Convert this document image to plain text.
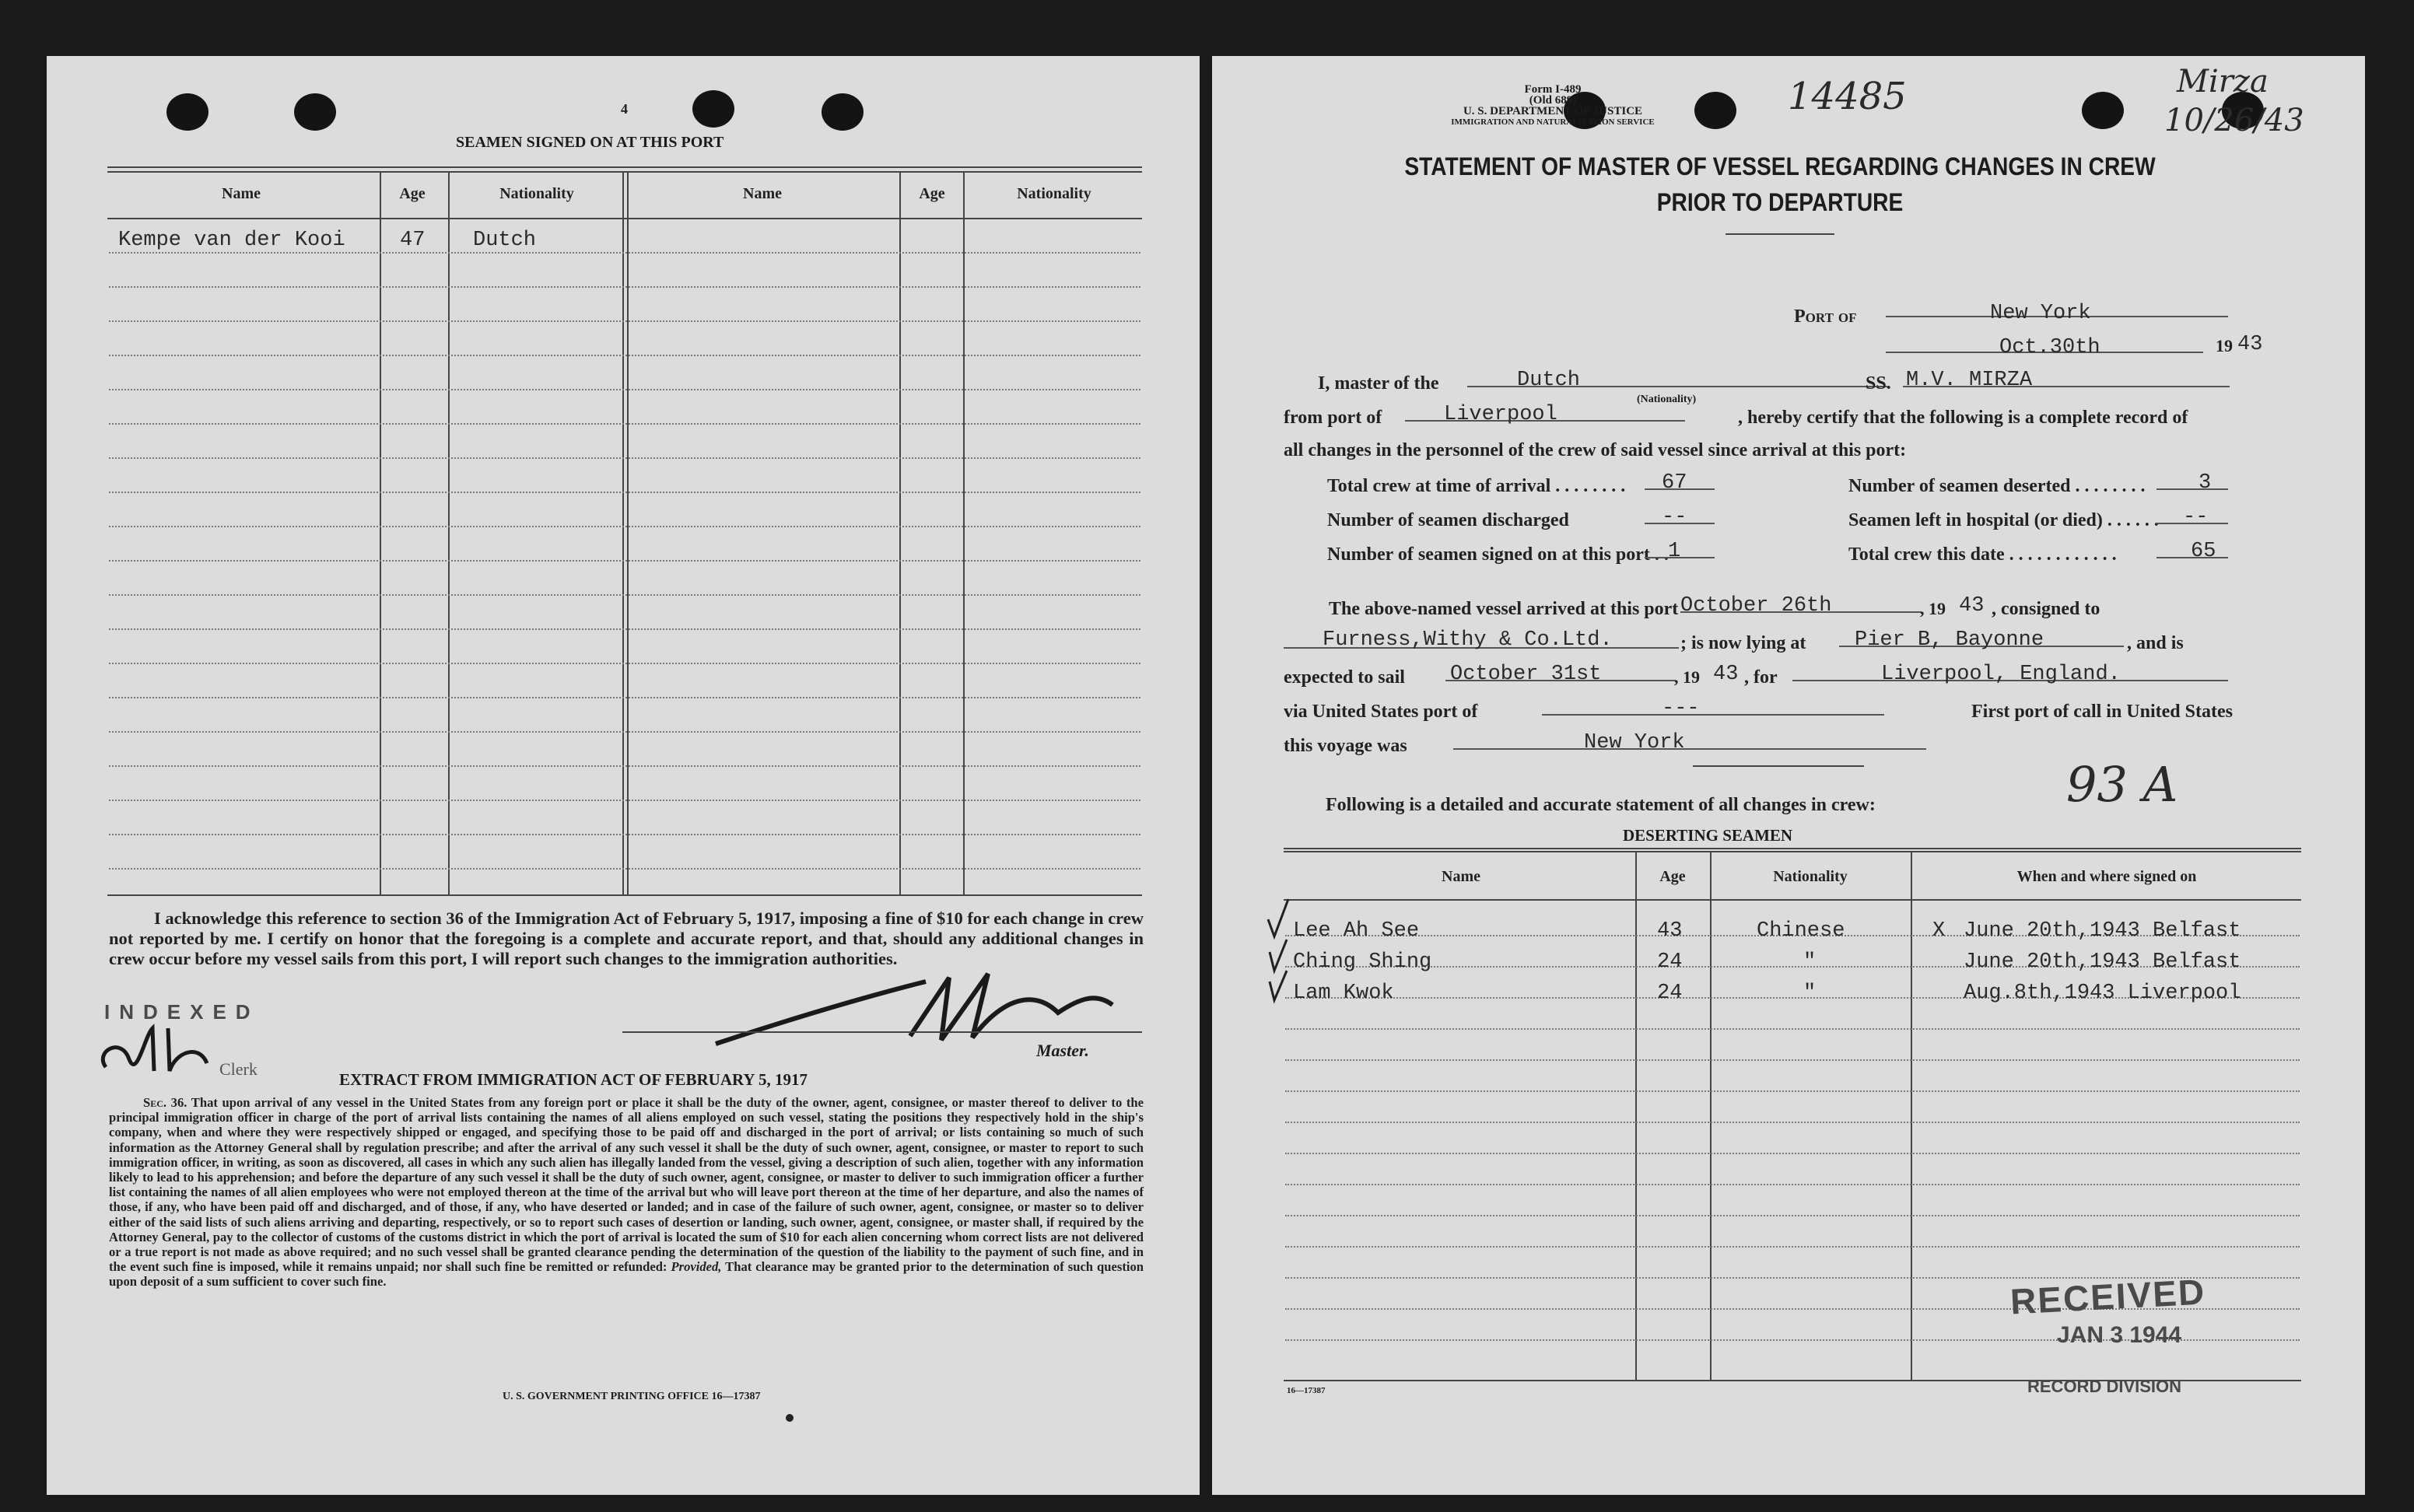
4
SEAMEN SIGNED ON AT THIS PORT
Name	Age	Nationality	Name	Age	Nationality
Kempe van der Kooi	47 Dutch
I acknowledge this reference to section 36 of the Immigration Act of February 5, 1917, imposing a fine of $10 for each change in crew not reported by me. I certify on honor that the foregoing is a complete and accurate report, and that, should any additional changes in crew occur before my vessel sails from this port, I will report such changes to the immigration authorities.
Master.
INDEXED
Clerk
EXTRACT FROM IMMIGRATION ACT OF FEBRUARY 5, 1917
Sec. 36. That upon arrival of any vessel in the United States from any foreign port or place it shall be the duty of the owner, agent, consignee, or master thereof to deliver to the principal immigration officer in charge of the port of arrival lists containing the names of all aliens employed on such vessel, stating the positions they respectively hold in the ship's company, when and where they were respectively shipped or engaged, and specifying those to be paid off and discharged in the port of arrival; or lists containing so much of such information as the Attorney General shall by regulation prescribe; and after the arrival of any such vessel it shall be the duty of such owner, agent, consignee, or master to report to such immigration officer, in writing, as soon as discovered, all cases in which any such alien has illegally landed from the vessel, giving a description of such alien, together with any information likely to lead to his apprehension; and before the departure of any such vessel it shall be the duty of such owner, agent, consignee, or master to deliver to such immigration officer a further list containing the names of all alien employees who were not employed thereon at the time of the arrival but who will leave port thereon at the time of her departure, and also the names of those, if any, who have been paid off and discharged, and of those, if any, who have deserted or landed; and in case of the failure of such owner, agent, consignee, or master so to deliver either of the said lists of such aliens arriving and departing, respectively, or so to report such cases of desertion or landing, such owner, agent, consignee, or master shall, if required by the Attorney General, pay to the collector of customs of the customs district in which the port of arrival is located the sum of $10 for each alien concerning whom correct lists are not delivered or a true report is not made as above required; and no such vessel shall be granted clearance pending the determination of the question of the liability to the payment of such fine, and in the event such fine is imposed, while it remains unpaid; nor shall such fine be remitted or refunded: Provided, That clearance may be granted prior to the determination of such question upon deposit of a sum sufficient to cover such fine.
U. S. GOVERNMENT PRINTING OFFICE 16—17387
Form I-489
(Old 689)
U. S. DEPARTMENT OF JUSTICE
IMMIGRATION AND NATURALIZATION SERVICE
14485	Mirza
10/26/43
STATEMENT OF MASTER OF VESSEL REGARDING CHANGES IN CREW
PRIOR TO DEPARTURE
Port of	New York
Oct.30th	19 43
I, master of the	Dutch
(Nationality)
SS. M.V. MIRZA
from port of	Liverpool	, hereby certify that the following is a complete record of
all changes in the personnel of the crew of said vessel since arrival at this port:
Total crew at time of arrival . . . . . . . . 67	Number of seamen deserted . . . . . . . .	3
Number of seamen discharged	--	Seamen left in hospital (or died) . . . . . . --
Number of seamen signed on at this port . . 1	Total crew this date . . . . . . . . . . . .	65
The above-named vessel arrived at this port October 26th	, 19 43 , consigned to
Furness,Withy & Co.Ltd.	; is now lying at Pier B, Bayonne	, and is
expected to sail October 31st	, 19 43 , for	Liverpool, England.
via United States port of	---	First port of call in United States
this voyage was	New York
Following is a detailed and accurate statement of all changes in crew:	93 A
DESERTING SEAMEN
Name	Age	Nationality	When and where signed on
Lee Ah See	43	Chinese	X June 20th,1943 Belfast
Ching Shing	24	"	June 20th,1943 Belfast
Lam Kwok	24	"	Aug.8th,1943 Liverpool
RECEIVED
JAN 3 1944
RECORD DIVISION
16—17387
